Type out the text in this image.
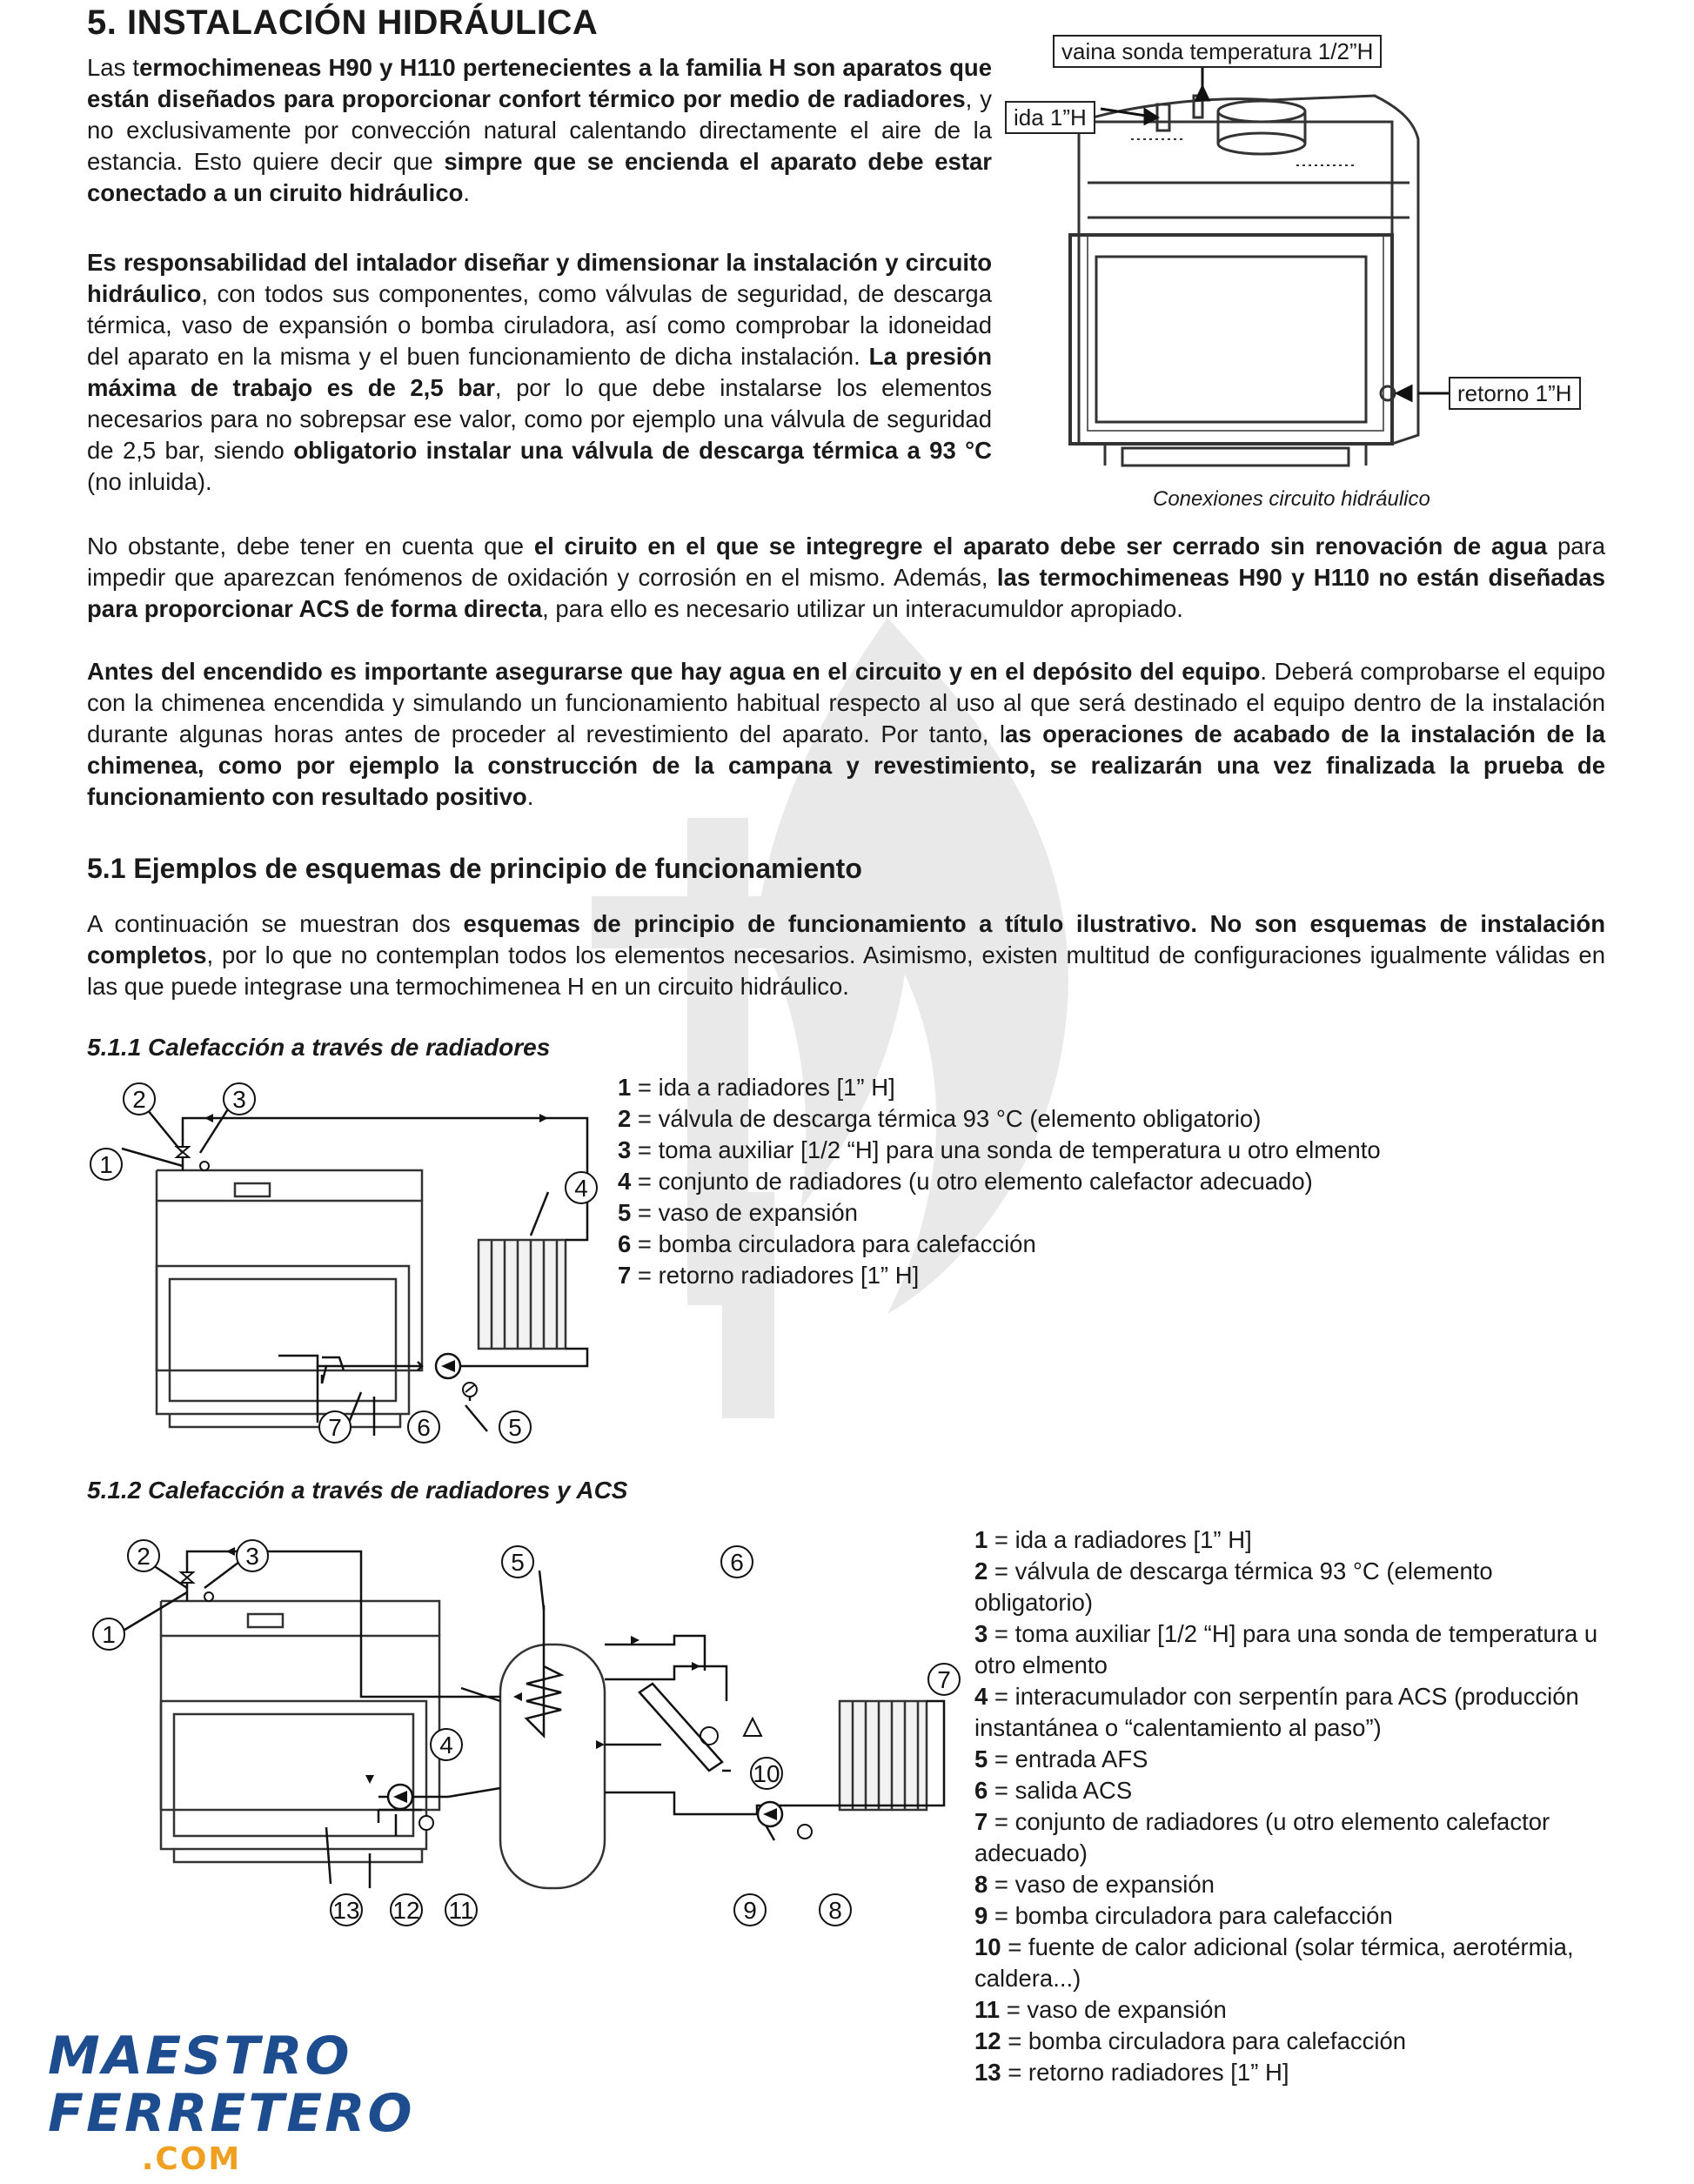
5. INSTALACIÓN HIDRÁULICA
Las termochimeneas H90 y H110 pertenecientes a la familia H son aparatos que están diseñados para proporcionar confort térmico por medio de radiadores, y no exclusivamente por convección natural calentando directamente el aire de la estancia. Esto quiere decir que simpre que se encienda el aparato debe estar conectado a un ciruito hidráulico.
Es responsabilidad del intalador diseñar y dimensionar la instalación y circuito hidráulico, con todos sus componentes, como válvulas de seguridad, de descarga térmica, vaso de expansión o bomba ciruladora, así como comprobar la idoneidad del aparato en la misma y el buen funcionamiento de dicha instalación. La presión máxima de trabajo es de 2,5 bar, por lo que debe instalarse los elementos necesarios para no sobrepsar ese valor, como por ejemplo una válvula de seguridad de 2,5 bar, siendo obligatorio instalar una válvula de descarga térmica a 93 °C (no inluida).
vaina sonda temperatura 1/2”H
ida 1”H
retorno 1”H
Conexiones circuito hidráulico
No obstante, debe tener en cuenta que el ciruito en el que se integregre el aparato debe ser cerrado sin renovación de agua para impedir que aparezcan fenómenos de oxidación y corrosión en el mismo. Además, las termochimeneas H90 y H110 no están diseñadas para proporcionar ACS de forma directa, para ello es necesario utilizar un interacumuldor apropiado.
Antes del encendido es importante asegurarse que hay agua en el circuito y en el depósito del equipo. Deberá comprobarse el equipo con la chimenea encendida y simulando un funcionamiento habitual respecto al uso al que será destinado el equipo dentro de la instalación durante algunas horas antes de proceder al revestimiento del aparato. Por tanto, las operaciones de acabado de la instalación de la chimenea, como por ejemplo la construcción de la campana y revestimiento, se realizarán una vez finalizada la prueba de funcionamiento con resultado positivo.
5.1 Ejemplos de esquemas de principio de funcionamiento
A continuación se muestran dos esquemas de principio de funcionamiento a título ilustrativo. No son esquemas de instalación completos, por lo que no contemplan todos los elementos necesarios. Asimismo, existen multitud de configuraciones igualmente válidas en las que puede integrase una termochimenea H en un circuito hidráulico.
5.1.1 Calefacción a través de radiadores
2	3
1
4
7	6	5
1 = ida a radiadores [1” H]
2 = válvula de descarga térmica 93 °C (elemento obligatorio)
3 = toma auxiliar [1/2 “H] para una sonda de temperatura u otro elmento
4 = conjunto de radiadores (u otro elemento calefactor adecuado)
5 = vaso de expansión
6 = bomba circuladora para calefacción
7 = retorno radiadores [1” H]
5.1.2 Calefacción a través de radiadores y ACS
2	3
1
4
5	6
7
10
13 12 11	9	8
1 = ida a radiadores [1” H]
2 = válvula de descarga térmica 93 °C (elemento obligatorio)
3 = toma auxiliar [1/2 “H] para una sonda de temperatura u otro elmento
4 = interacumulador con serpentín para ACS (producción instantánea o “calentamiento al paso”)
5 = entrada AFS
6 = salida ACS
7 = conjunto de radiadores (u otro elemento calefactor adecuado)
8 = vaso de expansión
9 = bomba circuladora para calefacción
10 = fuente de calor adicional (solar térmica, aerotérmia, caldera...)
11 = vaso de expansión
12 = bomba circuladora para calefacción
13 = retorno radiadores [1” H]
MAESTRO
FERRETERO
.COM
